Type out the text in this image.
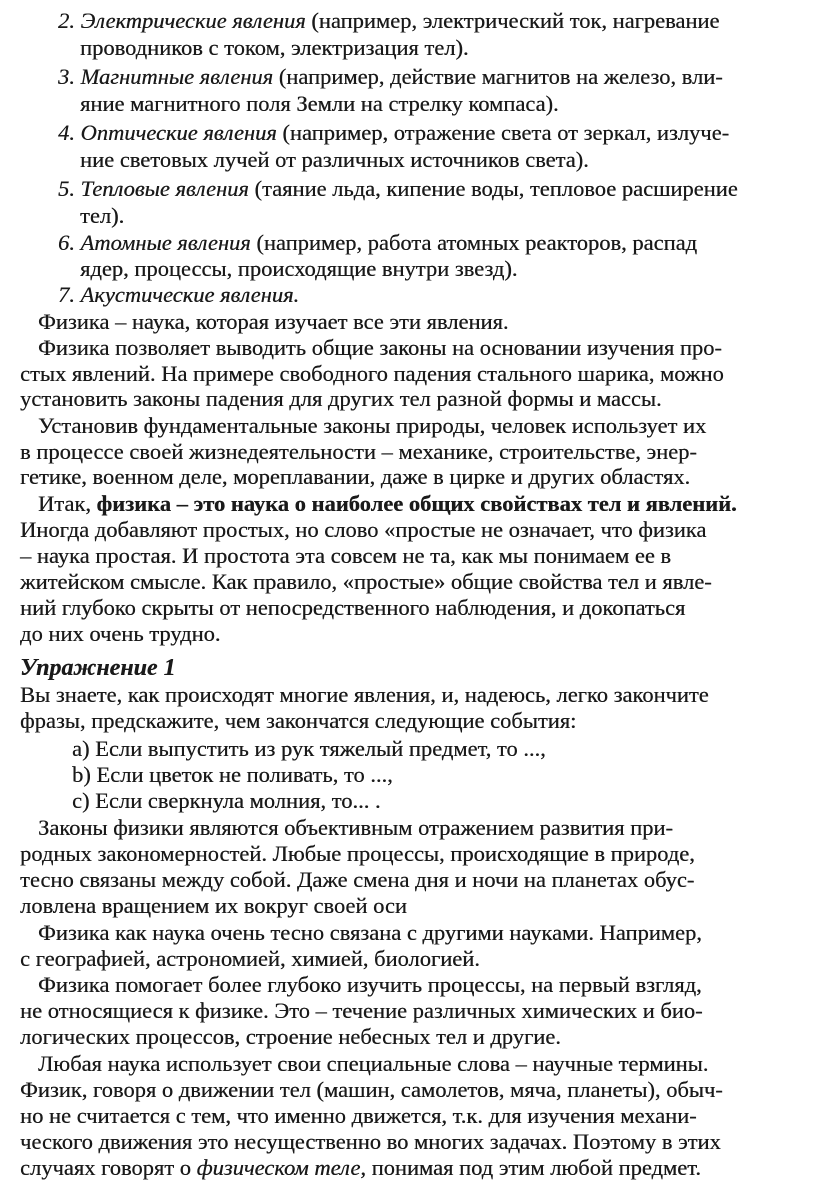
2. Электрические явления (например, электрический ток, нагревание
проводников с током, электризация тел).
3. Магнитные явления (например, действие магнитов на железо, вли-
яние магнитного поля Земли на стрелку компаса).
4. Оптические явления (например, отражение света от зеркал, излуче-
ние световых лучей от различных источников света).
5. Тепловые явления (таяние льда, кипение воды, тепловое расширение
тел).
6. Атомные явления (например, работа атомных реакторов, распад
ядер, процессы, происходящие внутри звезд).
7. Акустические явления.
Физика – наука, которая изучает все эти явления.
Физика позволяет выводить общие законы на основании изучения про-
стых явлений. На примере свободного падения стального шарика, можно
установить законы падения для других тел разной формы и массы.
Установив фундаментальные законы природы, человек использует их
в процессе своей жизнедеятельности – механике, строительстве, энер-
гетике, военном деле, мореплавании, даже в цирке и других областях.
Итак, физика – это наука о наиболее общих свойствах тел и явлений.
Иногда добавляют простых, но слово «простые не означает, что физика
– наука простая. И простота эта совсем не та, как мы понимаем ее в
житейском смысле. Как правило, «простые» общие свойства тел и явле-
ний глубоко скрыты от непосредственного наблюдения, и докопаться
до них очень трудно.
Упражнение 1
Вы знаете, как происходят многие явления, и, надеюсь, легко закончите
фразы, предскажите, чем закончатся следующие события:
а) Если выпустить из рук тяжелый предмет, то ...,
b) Если цветок не поливать, то ...,
с) Если сверкнула молния, то... .
Законы физики являются объективным отражением развития при-
родных закономерностей. Любые процессы, происходящие в природе,
тесно связаны между собой. Даже смена дня и ночи на планетах обус-
ловлена вращением их вокруг своей оси
Физика как наука очень тесно связана с другими науками. Например,
с географией, астрономией, химией, биологией.
Физика помогает более глубоко изучить процессы, на первый взгляд,
не относящиеся к физике. Это – течение различных химических и био-
логических процессов, строение небесных тел и другие.
Любая наука использует свои специальные слова – научные термины.
Физик, говоря о движении тел (машин, самолетов, мяча, планеты), обыч-
но не считается с тем, что именно движется, т.к. для изучения механи-
ческого движения это несущественно во многих задачах. Поэтому в этих
случаях говорят о физическом теле, понимая под этим любой предмет.
